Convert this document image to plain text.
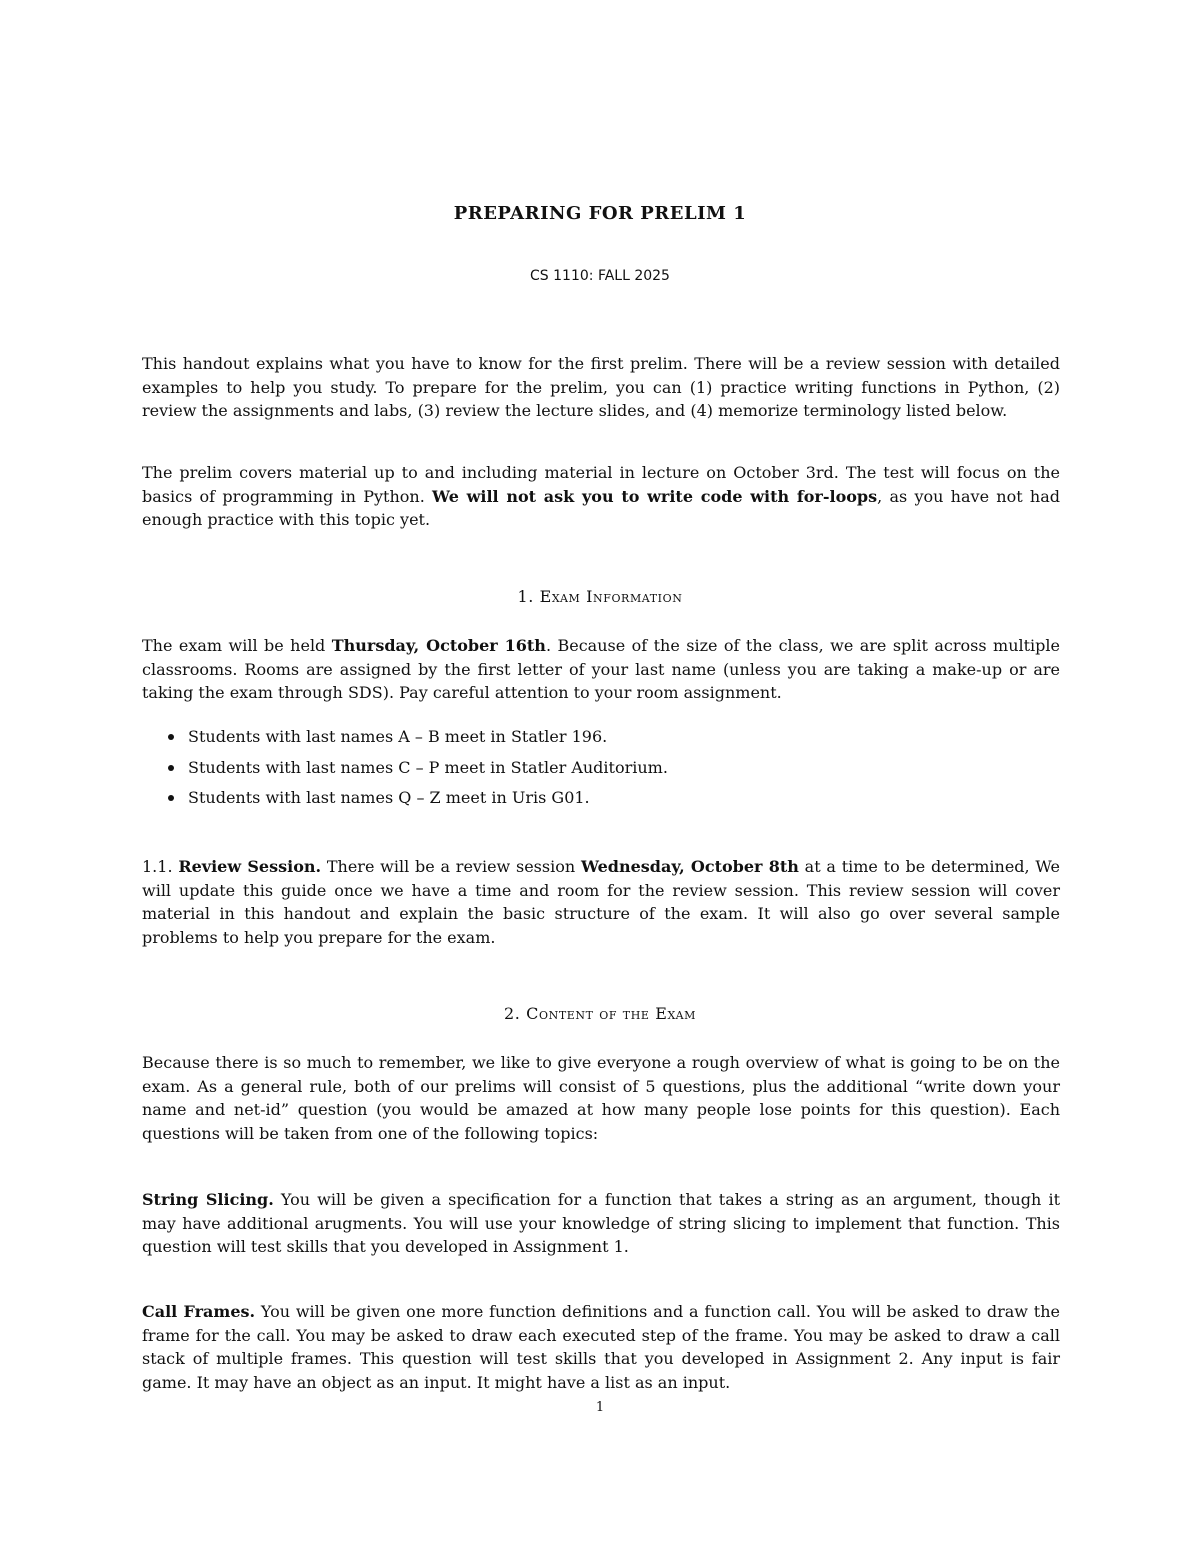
PREPARING FOR PRELIM 1
CS 1110: FALL 2025

This handout explains what you have to know for the first prelim. There will be a review session with detailed examples to help you study. To prepare for the prelim, you can (1) practice writing functions in Python, (2) review the assignments and labs, (3) review the lecture slides, and (4) memorize terminology listed below.

The prelim covers material up to and including material in lecture on October 3rd. The test will focus on the basics of programming in Python. We will not ask you to write code with for-loops, as you have not had enough practice with this topic yet.

1. Exam Information

The exam will be held Thursday, October 16th. Because of the size of the class, we are split across multiple classrooms. Rooms are assigned by the first letter of your last name (unless you are taking a make-up or are taking the exam through SDS). Pay careful attention to your room assignment.

Students with last names A – B meet in Statler 196.
Students with last names C – P meet in Statler Auditorium.
Students with last names Q – Z meet in Uris G01.

1.1. Review Session. There will be a review session Wednesday, October 8th at a time to be determined, We will update this guide once we have a time and room for the review session. This review session will cover material in this handout and explain the basic structure of the exam. It will also go over several sample problems to help you prepare for the exam.

2. Content of the Exam

Because there is so much to remember, we like to give everyone a rough overview of what is going to be on the exam. As a general rule, both of our prelims will consist of 5 questions, plus the additional “write down your name and net-id” question (you would be amazed at how many people lose points for this question). Each questions will be taken from one of the following topics:

String Slicing. You will be given a specification for a function that takes a string as an argument, though it may have additional arugments. You will use your knowledge of string slicing to implement that function. This question will test skills that you developed in Assignment 1.

Call Frames. You will be given one more function definitions and a function call. You will be asked to draw the frame for the call. You may be asked to draw each executed step of the frame. You may be asked to draw a call stack of multiple frames. This question will test skills that you developed in Assignment 2. Any input is fair game. It may have an object as an input. It might have a list as an input.

1
